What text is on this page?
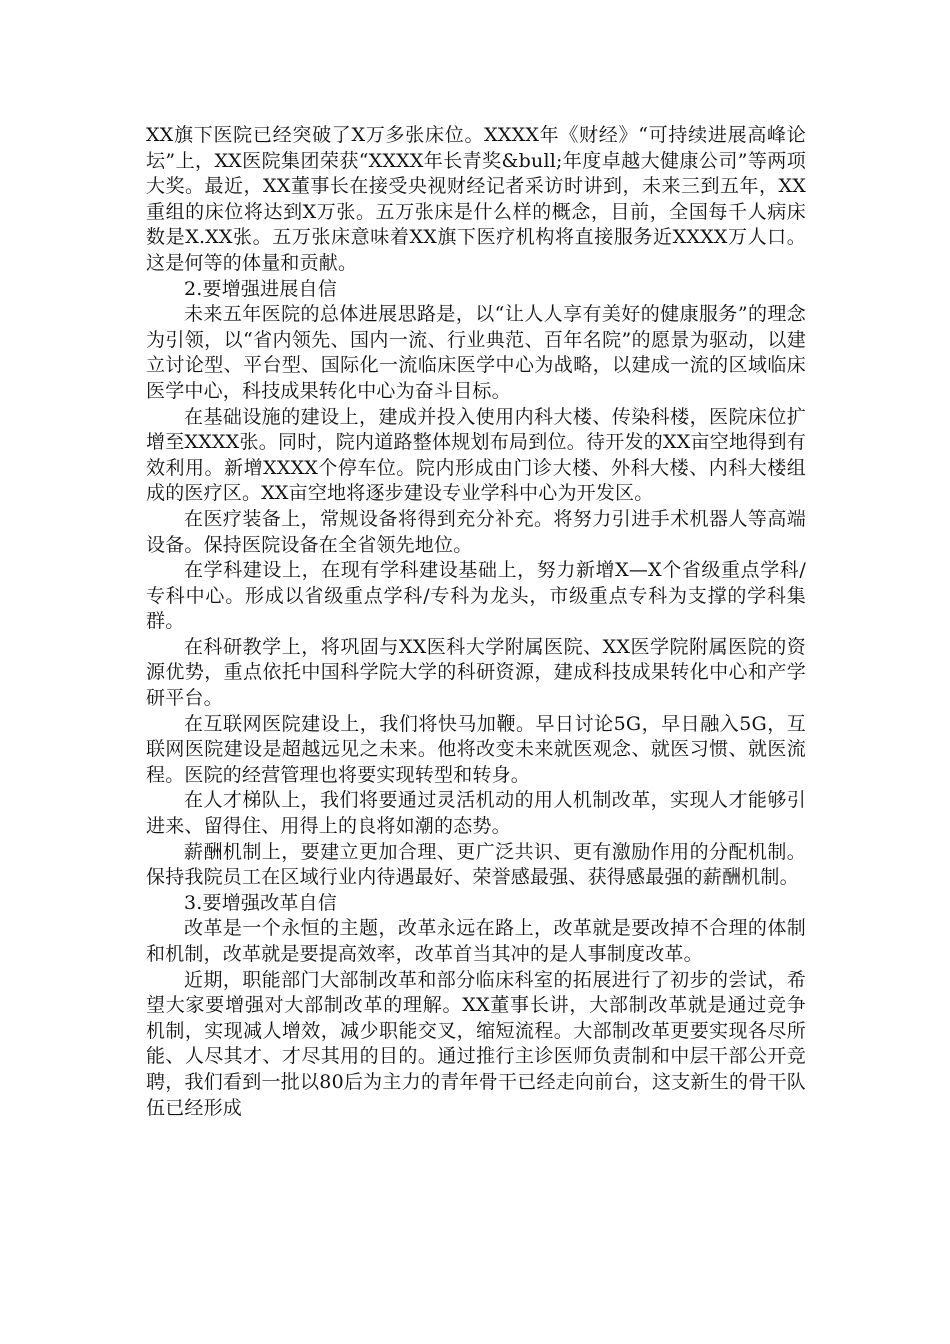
XX旗下医院已经突破了X万多张床位。XXXX年《财经》“可持续进展高峰论坛”上，XX医院集团荣获“XXXX年长青奖&bull;年度卓越大健康公司”等两项大奖。最近，XX董事长在接受央视财经记者采访时讲到，未来三到五年，XX重组的床位将达到X万张。五万张床是什么样的概念，目前，全国每千人病床数是X.XX张。五万张床意味着XX旗下医疗机构将直接服务近XXXX万人口。这是何等的体量和贡献。

2.要增强进展自信

未来五年医院的总体进展思路是，以“让人人享有美好的健康服务”的理念为引领，以“省内领先、国内一流、行业典范、百年名院”的愿景为驱动，以建立讨论型、平台型、国际化一流临床医学中心为战略，以建成一流的区域临床医学中心，科技成果转化中心为奋斗目标。

在基础设施的建设上，建成并投入使用内科大楼、传染科楼，医院床位扩增至XXXX张。同时，院内道路整体规划布局到位。待开发的XX亩空地得到有效利用。新增XXXX个停车位。院内形成由门诊大楼、外科大楼、内科大楼组成的医疗区。XX亩空地将逐步建设专业学科中心为开发区。

在医疗装备上，常规设备将得到充分补充。将努力引进手术机器人等高端设备。保持医院设备在全省领先地位。

在学科建设上，在现有学科建设基础上，努力新增X—X个省级重点学科/专科中心。形成以省级重点学科/专科为龙头，市级重点专科为支撑的学科集群。

在科研教学上，将巩固与XX医科大学附属医院、XX医学院附属医院的资源优势，重点依托中国科学院大学的科研资源，建成科技成果转化中心和产学研平台。

在互联网医院建设上，我们将快马加鞭。早日讨论5G，早日融入5G，互联网医院建设是超越远见之未来。他将改变未来就医观念、就医习惯、就医流程。医院的经营管理也将要实现转型和转身。

在人才梯队上，我们将要通过灵活机动的用人机制改革，实现人才能够引进来、留得住、用得上的良将如潮的态势。

薪酬机制上，要建立更加合理、更广泛共识、更有激励作用的分配机制。保持我院员工在区域行业内待遇最好、荣誉感最强、获得感最强的薪酬机制。

3.要增强改革自信

改革是一个永恒的主题，改革永远在路上，改革就是要改掉不合理的体制和机制，改革就是要提高效率，改革首当其冲的是人事制度改革。

近期，职能部门大部制改革和部分临床科室的拓展进行了初步的尝试，希望大家要增强对大部制改革的理解。XX董事长讲，大部制改革就是通过竞争机制，实现减人增效，减少职能交叉，缩短流程。大部制改革更要实现各尽所能、人尽其才、才尽其用的目的。通过推行主诊医师负责制和中层干部公开竞聘，我们看到一批以80后为主力的青年骨干已经走向前台，这支新生的骨干队伍已经形成
